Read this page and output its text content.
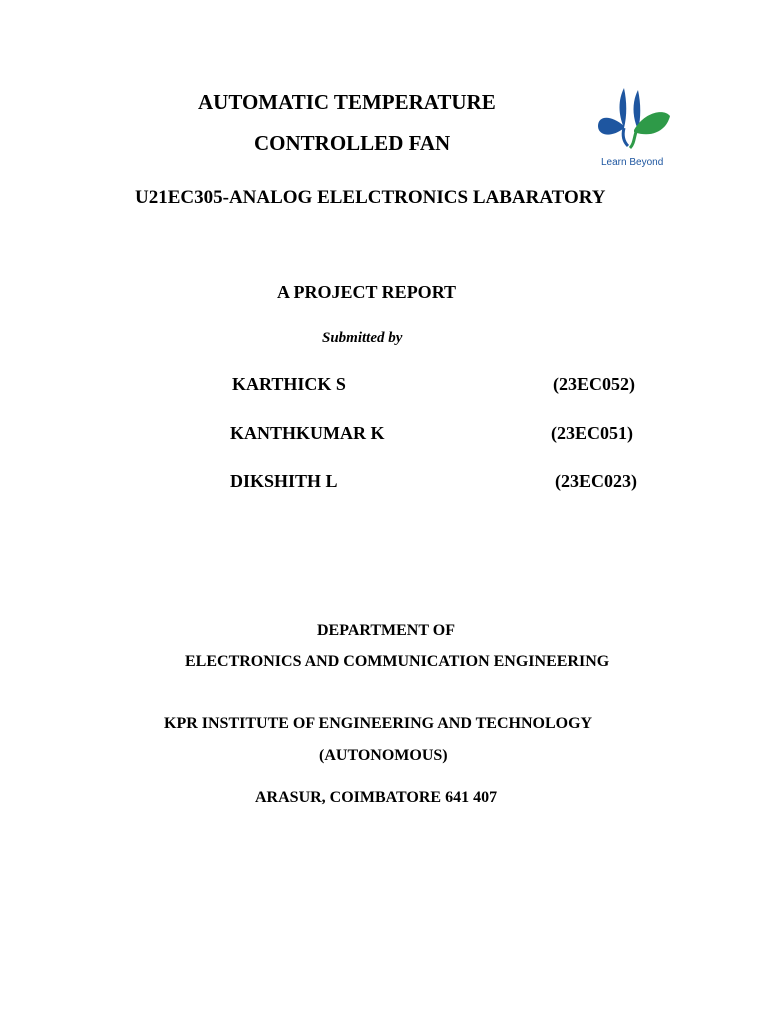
AUTOMATIC TEMPERATURE
CONTROLLED FAN
Learn Beyond
U21EC305-ANALOG ELELCTRONICS LABARATORY
A PROJECT REPORT
Submitted by
KARTHICK S	(23EC052)
KANTHKUMAR K	(23EC051)
DIKSHITH L	(23EC023)
DEPARTMENT OF
ELECTRONICS AND COMMUNICATION ENGINEERING
KPR INSTITUTE OF ENGINEERING AND TECHNOLOGY
(AUTONOMOUS)
ARASUR, COIMBATORE 641 407
